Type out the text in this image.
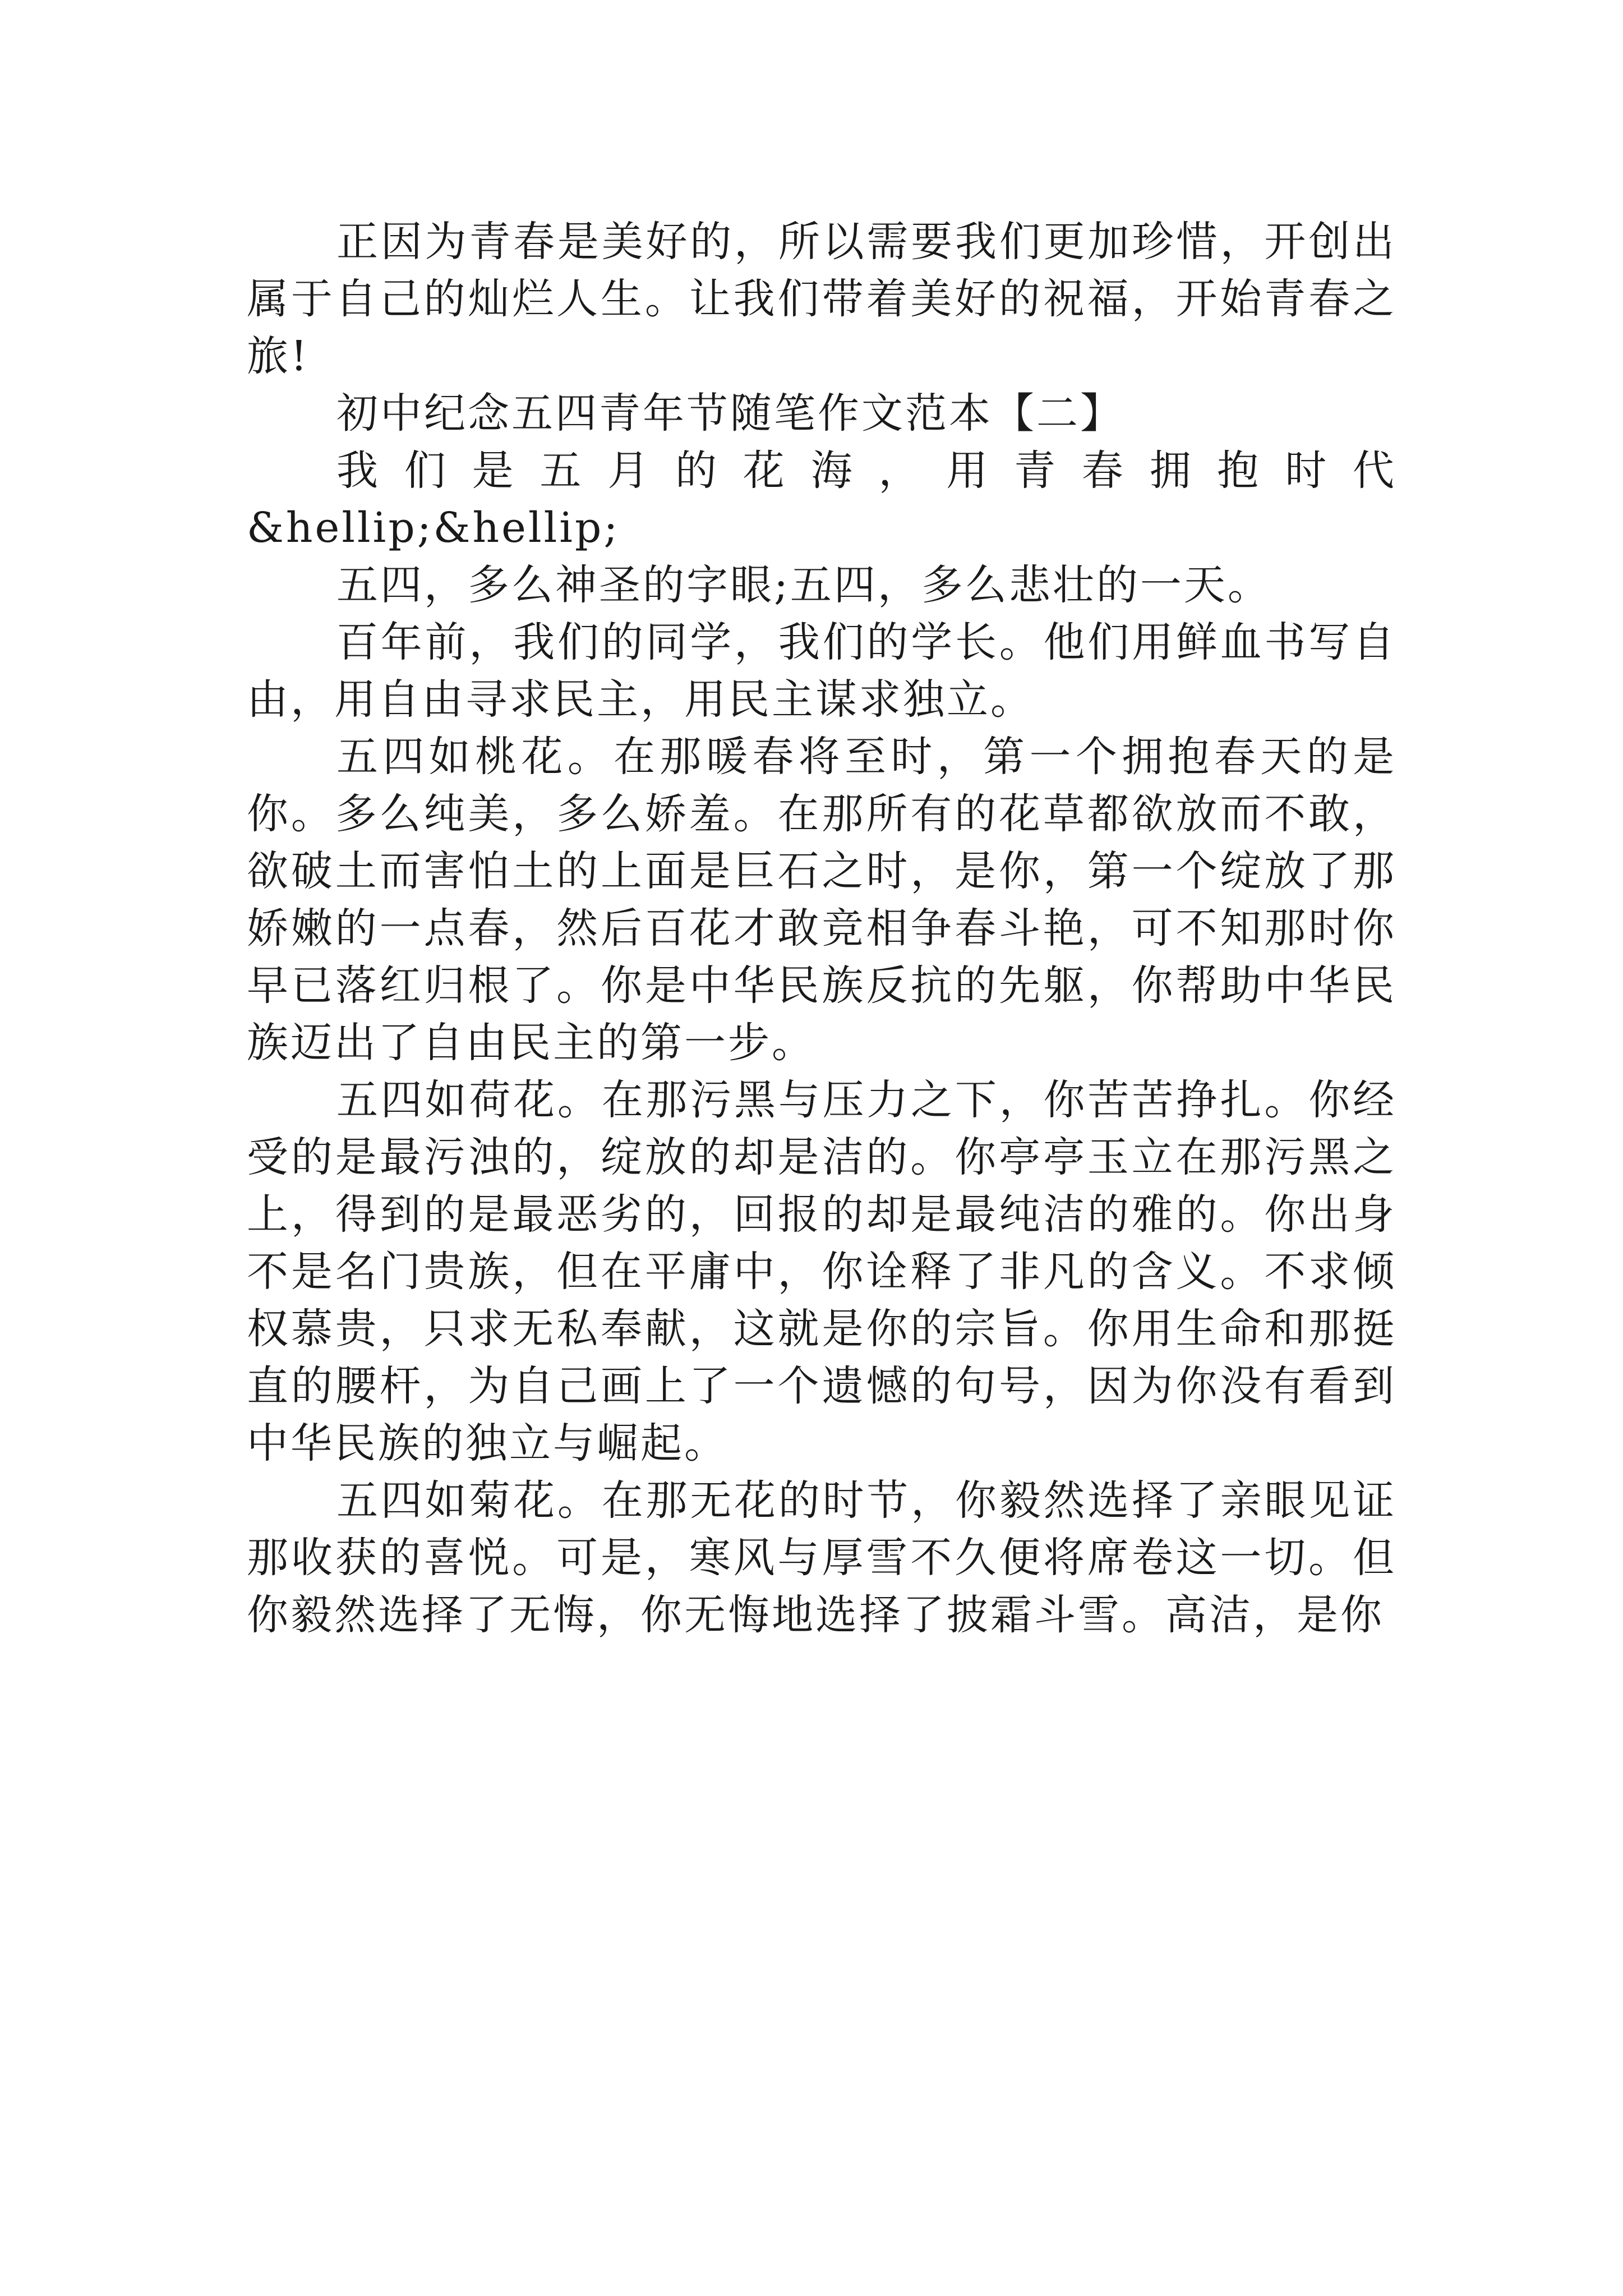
正因为青春是美好的，所以需要我们更加珍惜，开创出属于自己的灿烂人生。让我们带着美好的祝福，开始青春之旅!

初中纪念五四青年节随笔作文范本【二】

我们是五月的花海，用青春拥抱时代&hellip;&hellip;

五四，多么神圣的字眼;五四，多么悲壮的一天。

百年前，我们的同学，我们的学长。他们用鲜血书写自由，用自由寻求民主，用民主谋求独立。

五四如桃花。在那暖春将至时，第一个拥抱春天的是你。多么纯美，多么娇羞。在那所有的花草都欲放而不敢，欲破土而害怕土的上面是巨石之时，是你，第一个绽放了那娇嫩的一点春，然后百花才敢竞相争春斗艳，可不知那时你早已落红归根了。你是中华民族反抗的先躯，你帮助中华民族迈出了自由民主的第一步。

五四如荷花。在那污黑与压力之下，你苦苦挣扎。你经受的是最污浊的，绽放的却是洁的。你亭亭玉立在那污黑之上，得到的是最恶劣的，回报的却是最纯洁的雅的。你出身不是名门贵族，但在平庸中，你诠释了非凡的含义。不求倾权慕贵，只求无私奉献，这就是你的宗旨。你用生命和那挺直的腰杆，为自己画上了一个遗憾的句号，因为你没有看到中华民族的独立与崛起。

五四如菊花。在那无花的时节，你毅然选择了亲眼见证那收获的喜悦。可是，寒风与厚雪不久便将席卷这一切。但你毅然选择了无悔，你无悔地选择了披霜斗雪。高洁，是你
